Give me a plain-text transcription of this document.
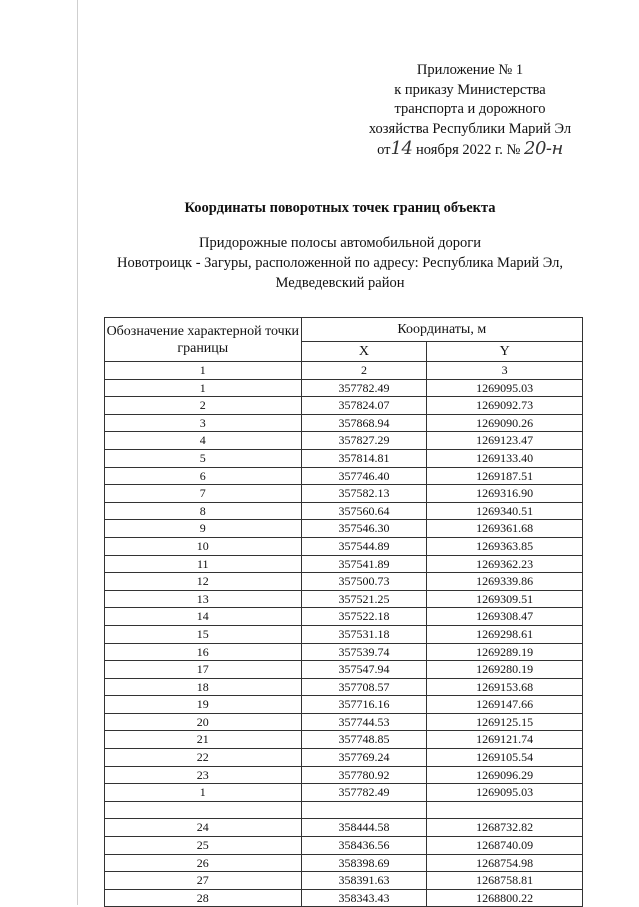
Приложение № 1
к приказу Министерства
транспорта и дорожного
хозяйства Республики Марий Эл
от14 ноября 2022 г. № 20-н
Координаты поворотных точек границ объекта
Придорожные полосы автомобильной дороги
Новотроицк - Загуры, расположенной по адресу: Республика Марий Эл,
Медведевский район
Обозначение характерной точки границы	Координаты, м	
	X	Y
1	2	3
1	357782.49	1269095.03
2	357824.07	1269092.73
3	357868.94	1269090.26
4	357827.29	1269123.47
5	357814.81	1269133.40
6	357746.40	1269187.51
7	357582.13	1269316.90
8	357560.64	1269340.51
9	357546.30	1269361.68
10	357544.89	1269363.85
11	357541.89	1269362.23
12	357500.73	1269339.86
13	357521.25	1269309.51
14	357522.18	1269308.47
15	357531.18	1269298.61
16	357539.74	1269289.19
17	357547.94	1269280.19
18	357708.57	1269153.68
19	357716.16	1269147.66
20	357744.53	1269125.15
21	357748.85	1269121.74
22	357769.24	1269105.54
23	357780.92	1269096.29
1	357782.49	1269095.03

24	358444.58	1268732.82
25	358436.56	1268740.09
26	358398.69	1268754.98
27	358391.63	1268758.81
28	358343.43	1268800.22
